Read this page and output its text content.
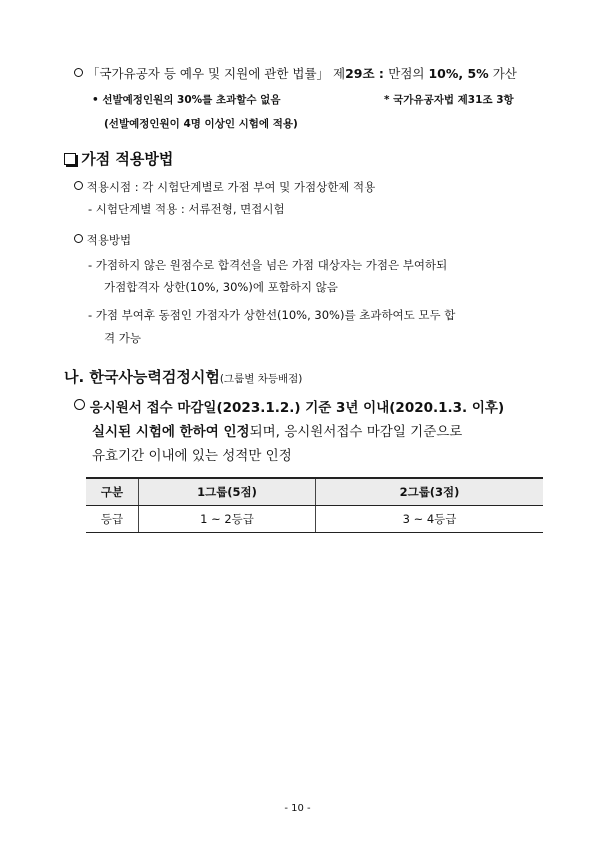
「국가유공자 등 예우 및 지원에 관한 법률」 제29조 : 만점의 10%, 5% 가산
• 선발예정인원의 30%를 초과할수 없음	* 국가유공자법 제31조 3항
(선발예정인원이 4명 이상인 시험에 적용)
가점 적용방법
적용시점 : 각 시험단계별로 가점 부여 및 가점상한제 적용
- 시험단계별 적용 : 서류전형, 면접시험
적용방법
- 가점하지 않은 원점수로 합격선을 넘은 가점 대상자는 가점은 부여하되
가점합격자 상한(10%, 30%)에 포함하지 않음
- 가점 부여후 동점인 가점자가 상한선(10%, 30%)를 초과하여도 모두 합
격 가능
나. 한국사능력검정시험(그룹별 차등배점)
응시원서 접수 마감일(2023.1.2.) 기준 3년 이내(2020.1.3. 이후)
실시된 시험에 한하여 인정되며, 응시원서접수 마감일 기준으로
유효기간 이내에 있는 성적만 인정
구분	1그룹(5점)	2그룹(3점)
등급	1 ~ 2등급	3 ~ 4등급
- 10 -
